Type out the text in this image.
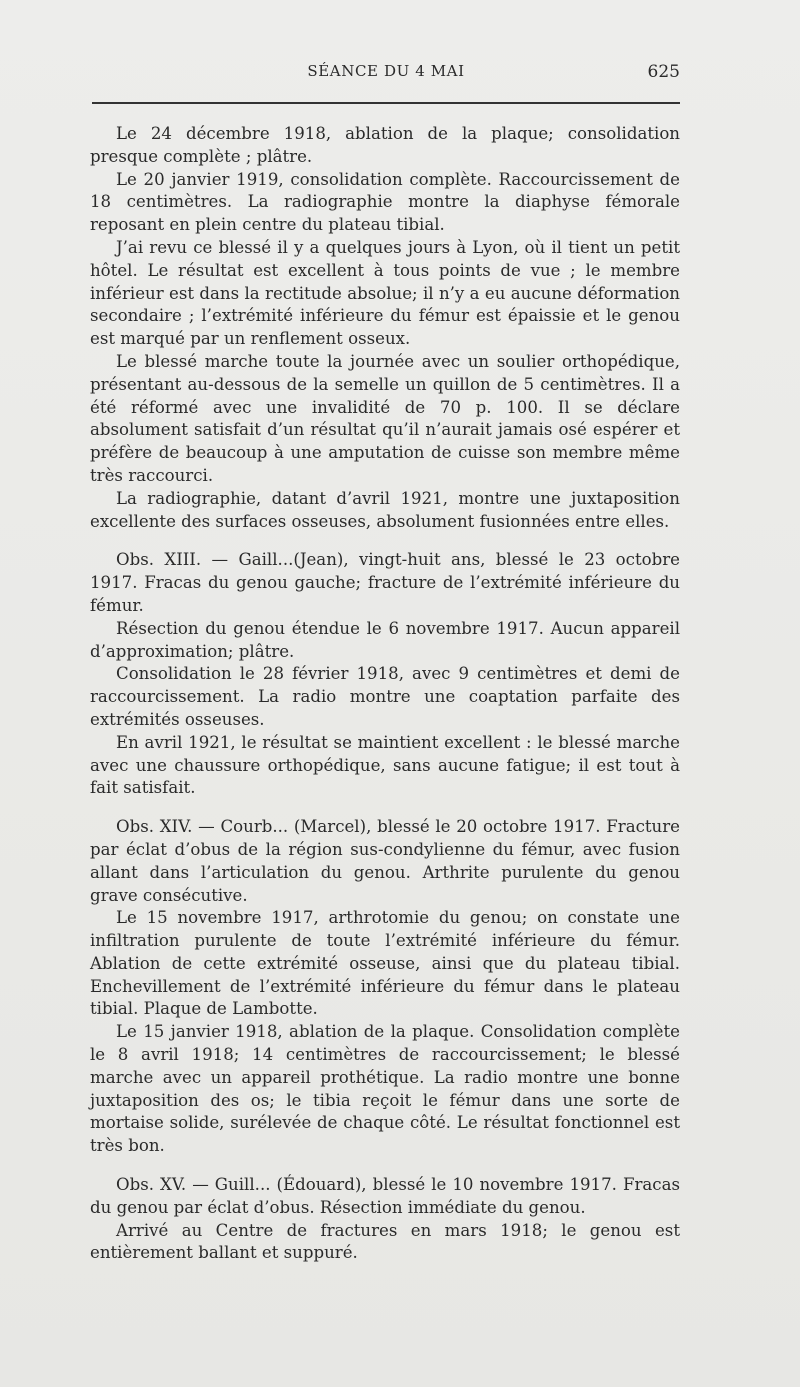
SÉANCE DU 4 MAI	625

Le 24 décembre 1918, ablation de la plaque; consolidation presque complète ; plâtre.

Le 20 janvier 1919, consolidation complète. Raccourcissement de 18 centimètres. La radiographie montre la diaphyse fémorale reposant en plein centre du plateau tibial.

J’ai revu ce blessé il y a quelques jours à Lyon, où il tient un petit hôtel. Le résultat est excellent à tous points de vue ; le membre inférieur est dans la rectitude absolue; il n’y a eu aucune déformation secondaire ; l’extrémité inférieure du fémur est épaissie et le genou est marqué par un renflement osseux.

Le blessé marche toute la journée avec un soulier orthopédique, présentant au-dessous de la semelle un quillon de 5 centimètres. Il a été réformé avec une invalidité de 70 p. 100. Il se déclare absolument satisfait d’un résultat qu’il n’aurait jamais osé espérer et préfère de beaucoup à une amputation de cuisse son membre même très raccourci.

La radiographie, datant d’avril 1921, montre une juxtaposition excellente des surfaces osseuses, absolument fusionnées entre elles.

Obs. XIII. — Gaill...(Jean), vingt-huit ans, blessé le 23 octobre 1917. Fracas du genou gauche; fracture de l’extrémité inférieure du fémur.

Résection du genou étendue le 6 novembre 1917. Aucun appareil d’approximation; plâtre.

Consolidation le 28 février 1918, avec 9 centimètres et demi de raccourcissement. La radio montre une coaptation parfaite des extrémités osseuses.

En avril 1921, le résultat se maintient excellent : le blessé marche avec une chaussure orthopédique, sans aucune fatigue; il est tout à fait satisfait.

Obs. XIV. — Courb... (Marcel), blessé le 20 octobre 1917. Fracture par éclat d’obus de la région sus-condylienne du fémur, avec fusion allant dans l’articulation du genou. Arthrite purulente du genou grave consécutive.

Le 15 novembre 1917, arthrotomie du genou; on constate une infiltration purulente de toute l’extrémité inférieure du fémur. Ablation de cette extrémité osseuse, ainsi que du plateau tibial. Enchevillement de l’extrémité inférieure du fémur dans le plateau tibial. Plaque de Lambotte.

Le 15 janvier 1918, ablation de la plaque. Consolidation complète le 8 avril 1918; 14 centimètres de raccourcissement; le blessé marche avec un appareil prothétique. La radio montre une bonne juxtaposition des os; le tibia reçoit le fémur dans une sorte de mortaise solide, surélevée de chaque côté. Le résultat fonctionnel est très bon.

Obs. XV. — Guill... (Édouard), blessé le 10 novembre 1917. Fracas du genou par éclat d’obus. Résection immédiate du genou.

Arrivé au Centre de fractures en mars 1918; le genou est entièrement ballant et suppuré.
